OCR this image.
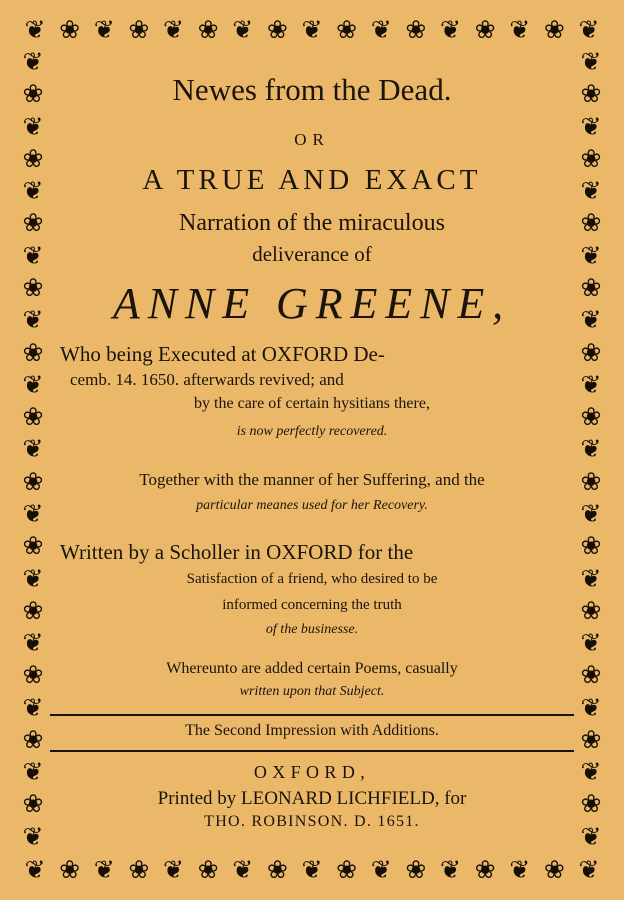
❦ ❀ ❦ ❀ ❦ ❀ ❦ ❀ ❦ ❀ ❦ ❀ ❦ ❀ ❦ ❀ ❦
❦ ❀ ❦ ❀ ❦ ❀ ❦ ❀ ❦ ❀ ❦ ❀ ❦ ❀ ❦ ❀ ❦
❦
❀
❦
❀
❦
❀
❦
❀
❦
❀
❦
❀
❦
❀
❦
❀
❦
❀
❦
❀
❦
❀
❦
❀
❦
❦
❀
❦
❀
❦
❀
❦
❀
❦
❀
❦
❀
❦
❀
❦
❀
❦
❀
❦
❀
❦
❀
❦
❀
❦
Newes from the Dead.
OR
A TRUE AND EXACT
Narration of the miraculous
deliverance of
ANNE GREENE,
Who being Executed at OXFORD De-
cemb. 14. 1650. afterwards revived; and
by the care of certain hysitians there,
is now perfectly recovered.
Together with the manner of her Suffering, and the
particular meanes used for her Recovery.
Written by a Scholler in OXFORD for the
Satisfaction of a friend, who desired to be
informed concerning the truth
of the businesse.
Whereunto are added certain Poems, casually
written upon that Subject.
The Second Impression with Additions.
OXFORD,
Printed by LEONARD LICHFIELD, for
THO. ROBINSON. D. 1651.
